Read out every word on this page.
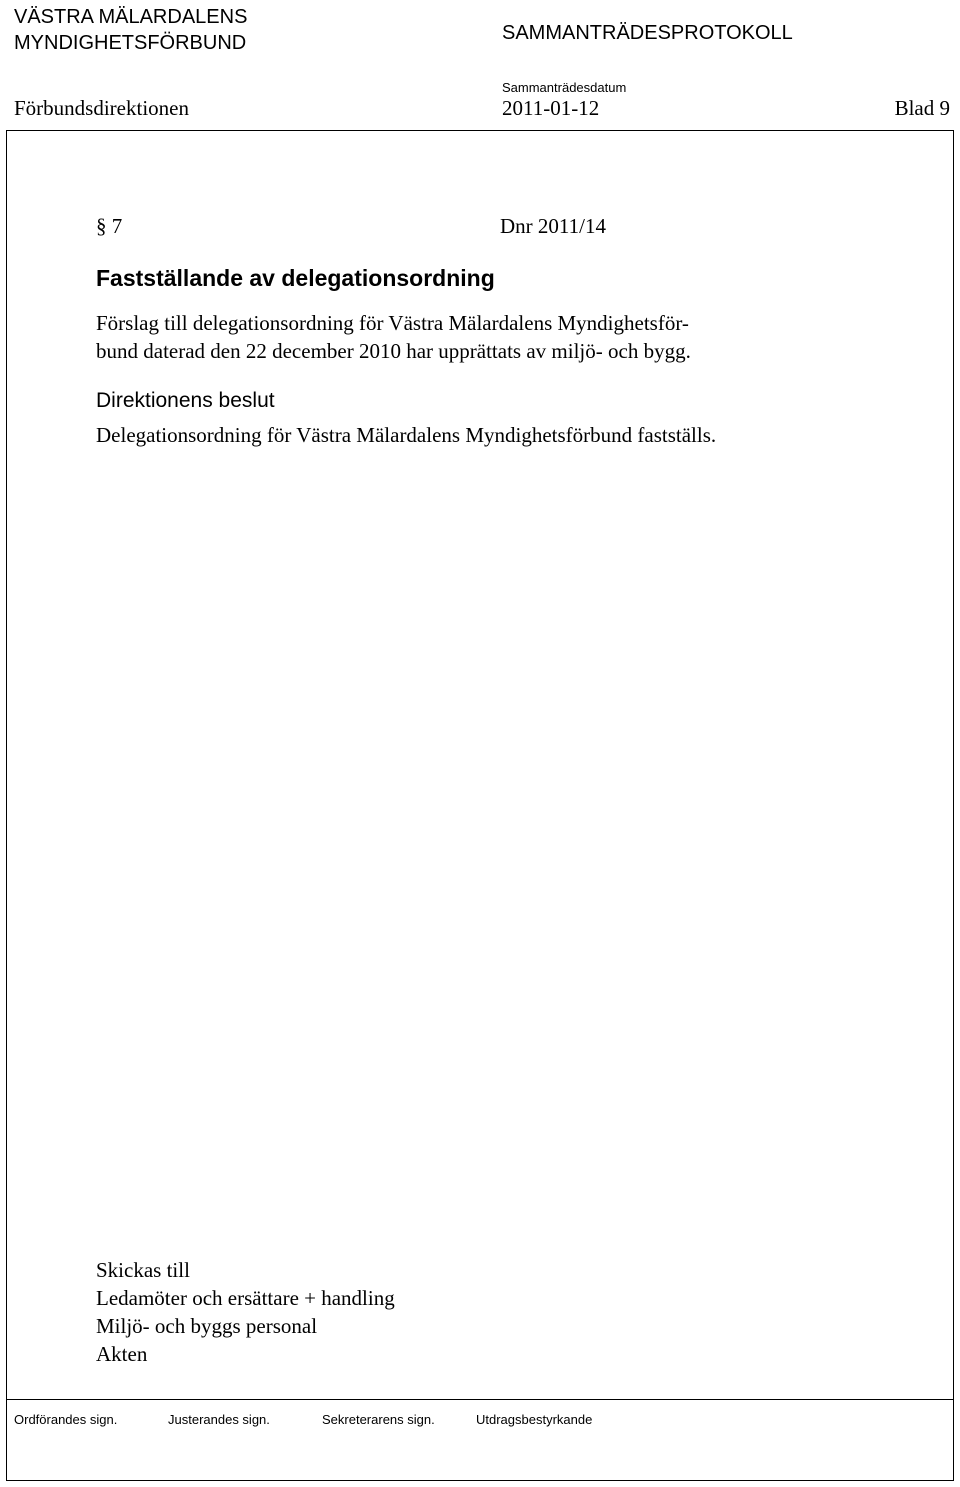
VÄSTRA MÄLARDALENS
MYNDIGHETSFÖRBUND	SAMMANTRÄDESPROTOKOLL
Sammanträdesdatum
Förbundsdirektionen	2011-01-12	Blad 9
§ 7	Dnr 2011/14
Fastställande av delegationsordning
Förslag till delegationsordning för Västra Mälardalens Myndighetsför-
bund daterad den 22 december 2010 har upprättats av miljö- och bygg.
Direktionens beslut
Delegationsordning för Västra Mälardalens Myndighetsförbund fastställs.
Skickas till
Ledamöter och ersättare + handling
Miljö- och byggs personal
Akten
Ordförandes sign.	Justerandes sign.	Sekreterarens sign.	Utdragsbestyrkande
